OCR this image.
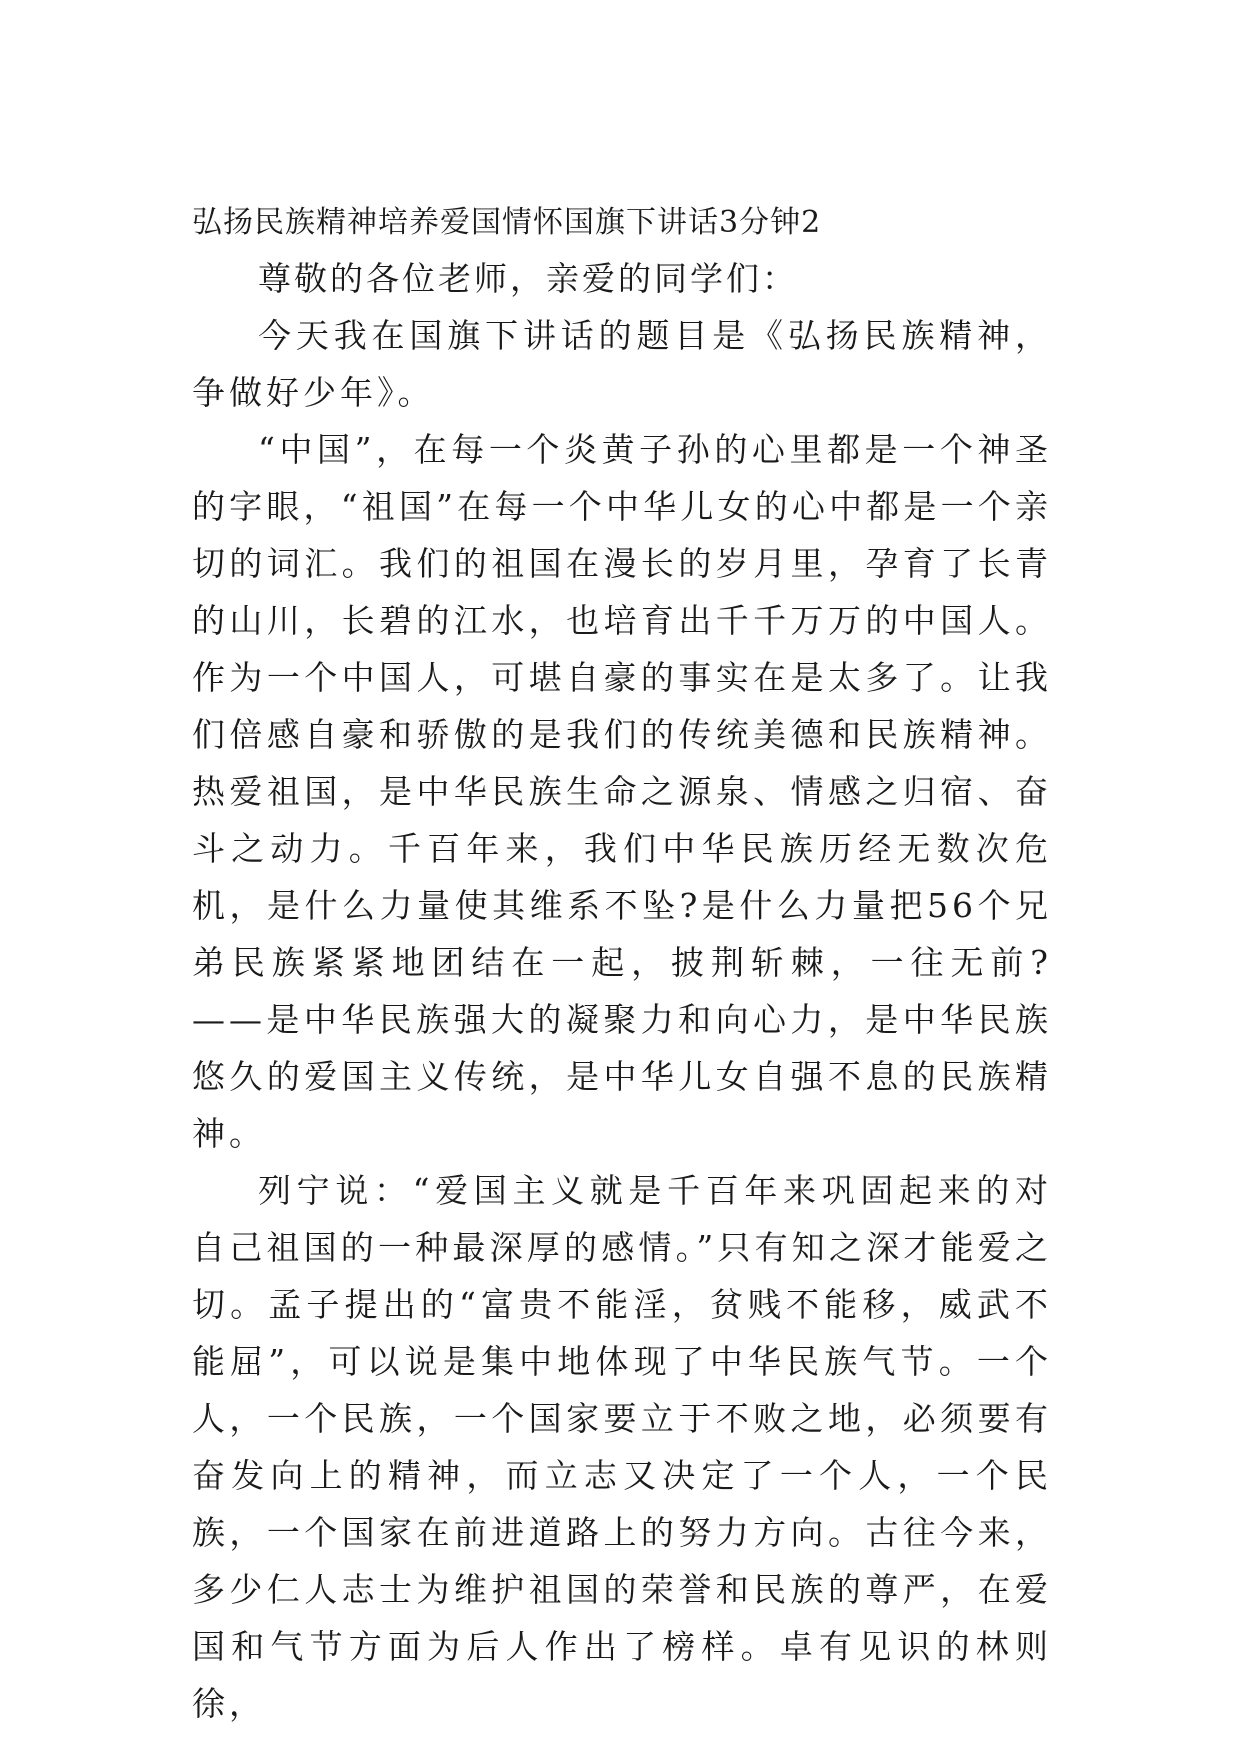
弘扬民族精神培养爱国情怀国旗下讲话3分钟2

尊敬的各位老师，亲爱的同学们：

今天我在国旗下讲话的题目是《弘扬民族精神，争做好少年》。

“中国”，在每一个炎黄子孙的心里都是一个神圣的字眼，“祖国”在每一个中华儿女的心中都是一个亲切的词汇。我们的祖国在漫长的岁月里，孕育了长青的山川，长碧的江水，也培育出千千万万的中国人。作为一个中国人，可堪自豪的事实在是太多了。让我们倍感自豪和骄傲的是我们的传统美德和民族精神。热爱祖国，是中华民族生命之源泉、情感之归宿、奋斗之动力。千百年来，我们中华民族历经无数次危机，是什么力量使其维系不坠?是什么力量把56个兄弟民族紧紧地团结在一起，披荆斩棘，一往无前?——是中华民族强大的凝聚力和向心力，是中华民族悠久的爱国主义传统，是中华儿女自强不息的民族精神。

列宁说：“爱国主义就是千百年来巩固起来的对自己祖国的一种最深厚的感情。”只有知之深才能爱之切。孟子提出的“富贵不能淫，贫贱不能移，威武不能屈”，可以说是集中地体现了中华民族气节。一个人，一个民族，一个国家要立于不败之地，必须要有奋发向上的精神，而立志又决定了一个人，一个民族，一个国家在前进道路上的努力方向。古往今来，多少仁人志士为维护祖国的荣誉和民族的尊严，在爱国和气节方面为后人作出了榜样。卓有见识的林则徐，
